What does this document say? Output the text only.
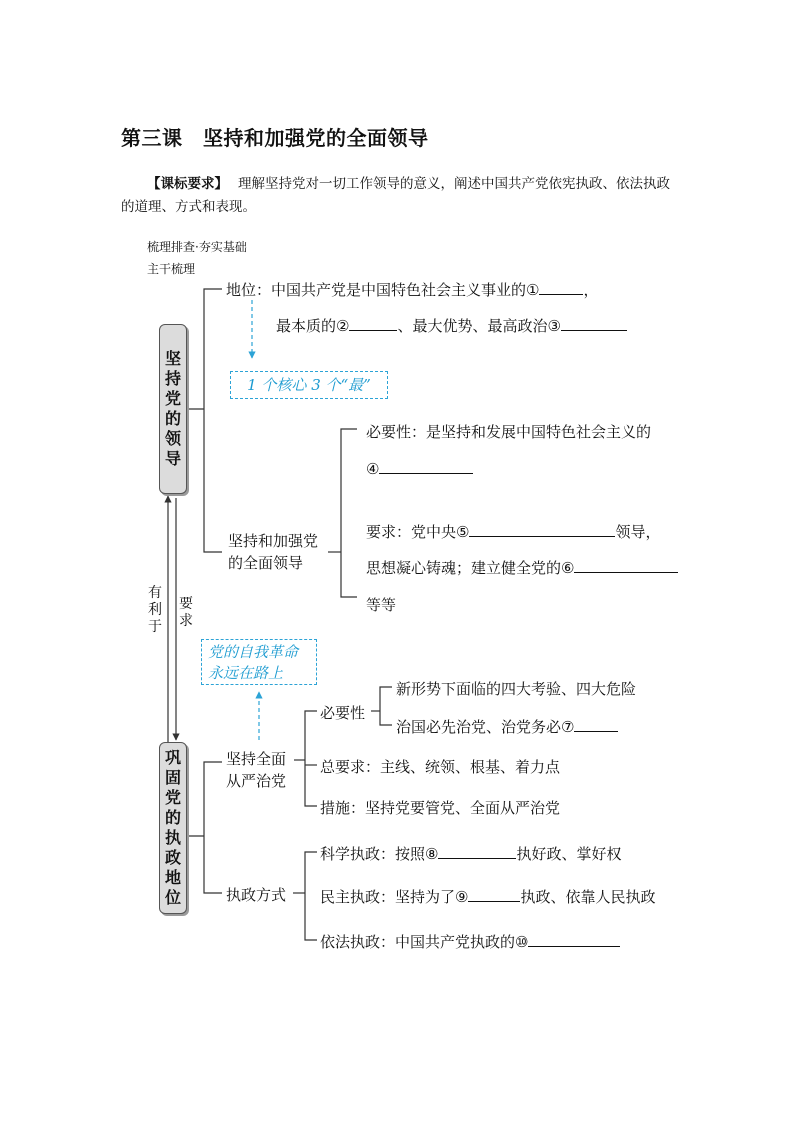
第三课　坚持和加强党的全面领导
【课标要求】 理解坚持党对一切工作领导的意义，阐述中国共产党依宪执政、依法执政的道理、方式和表现。
梳理排查·夯实基础
主干梳理
坚
持
党
的
领
导
巩
固
党
的
执
政
地
位
地位：中国共产党是中国特色社会主义事业的①	，
最本质的②	、最大优势、最高政治③
1 个核心 3 个“最”
坚持和加强党
的全面领导
必要性：是坚持和发展中国特色社会主义的
④
要求：党中央⑤	领导，
思想凝心铸魂；建立健全党的⑥
等等
有利于
要求
党的自我革命
永远在路上
坚持全面
从严治党
必要性
新形势下面临的四大考验、四大危险
治国必先治党、治党务必⑦
总要求：主线、统领、根基、着力点
措施：坚持党要管党、全面从严治党
执政方式
科学执政：按照⑧	执好政、掌好权
民主执政：坚持为了⑨	执政、依靠人民执政
依法执政：中国共产党执政的⑩
